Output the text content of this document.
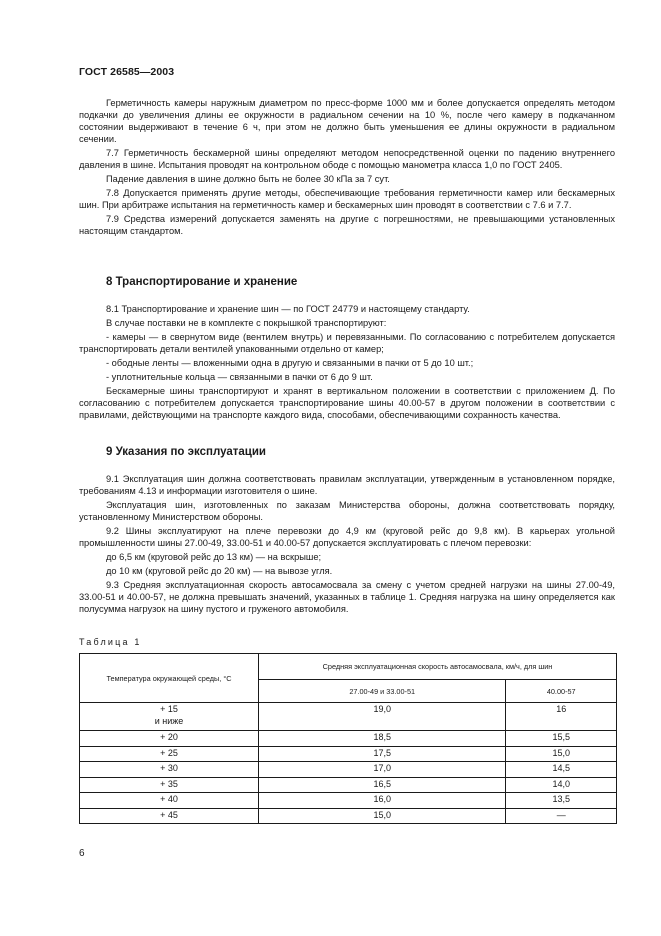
ГОСТ 26585—2003

Герметичность камеры наружным диаметром по пресс-форме 1000 мм и более допускается определять методом подкачки до увеличения длины ее окружности в радиальном сечении на 10 %, после чего камеру в подкачанном состоянии выдерживают в течение 6 ч, при этом не должно быть уменьшения ее длины окружности в радиальном сечении.

7.7 Герметичность бескамерной шины определяют методом непосредственной оценки по падению внутреннего давления в шине. Испытания проводят на контрольном ободе с помощью манометра класса 1,0 по ГОСТ 2405.

Падение давления в шине должно быть не более 30 кПа за 7 сут.

7.8 Допускается применять другие методы, обеспечивающие требования герметичности камер или бескамерных шин. При арбитраже испытания на герметичность камер и бескамерных шин проводят в соответствии с 7.6 и 7.7.

7.9 Средства измерений допускается заменять на другие с погрешностями, не превышающими установленных настоящим стандартом.

8 Транспортирование и хранение

8.1 Транспортирование и хранение шин — по ГОСТ 24779 и настоящему стандарту.

В случае поставки не в комплекте с покрышкой транспортируют:

- камеры — в свернутом виде (вентилем внутрь) и перевязанными. По согласованию с потребителем допускается транспортировать детали вентилей упакованными отдельно от камер;

- ободные ленты — вложенными одна в другую и связанными в пачки от 5 до 10 шт.;

- уплотнительные кольца — связанными в пачки от 6 до 9 шт.

Бескамерные шины транспортируют и хранят в вертикальном положении в соответствии с приложением Д. По согласованию с потребителем допускается транспортирование шины 40.00-57 в другом положении в соответствии с правилами, действующими на транспорте каждого вида, способами, обеспечивающими сохранность качества.

9 Указания по эксплуатации

9.1 Эксплуатация шин должна соответствовать правилам эксплуатации, утвержденным в установленном порядке, требованиям 4.13 и информации изготовителя о шине.

Эксплуатация шин, изготовленных по заказам Министерства обороны, должна соответствовать порядку, установленному Министерством обороны.

9.2 Шины эксплуатируют на плече перевозки до 4,9 км (круговой рейс до 9,8 км). В карьерах угольной промышленности шины 27.00-49, 33.00-51 и 40.00-57 допускается эксплуатировать с плечом перевозки:

до 6,5 км (круговой рейс до 13 км) — на вскрыше;

до 10 км (круговой рейс до 20 км) — на вывозе угля.

9.3 Средняя эксплуатационная скорость автосамосвала за смену с учетом средней нагрузки на шины 27.00-49, 33.00-51 и 40.00-57, не должна превышать значений, указанных в таблице 1. Средняя нагрузка на шину определяется как полусумма нагрузок на шину пустого и груженого автомобиля.

Таблица 1
Температура окружающей среды, °С	Средняя эксплуатационная скорость автосамосвала, км/ч, для шин	
	27.00-49 и 33.00-51	40.00-57
+ 15
и ниже	19,0	16
+ 20	18,5	15,5
+ 25	17,5	15,0
+ 30	17,0	14,5
+ 35	16,5	14,0
+ 40	16,0	13,5
+ 45	15,0	—
6
